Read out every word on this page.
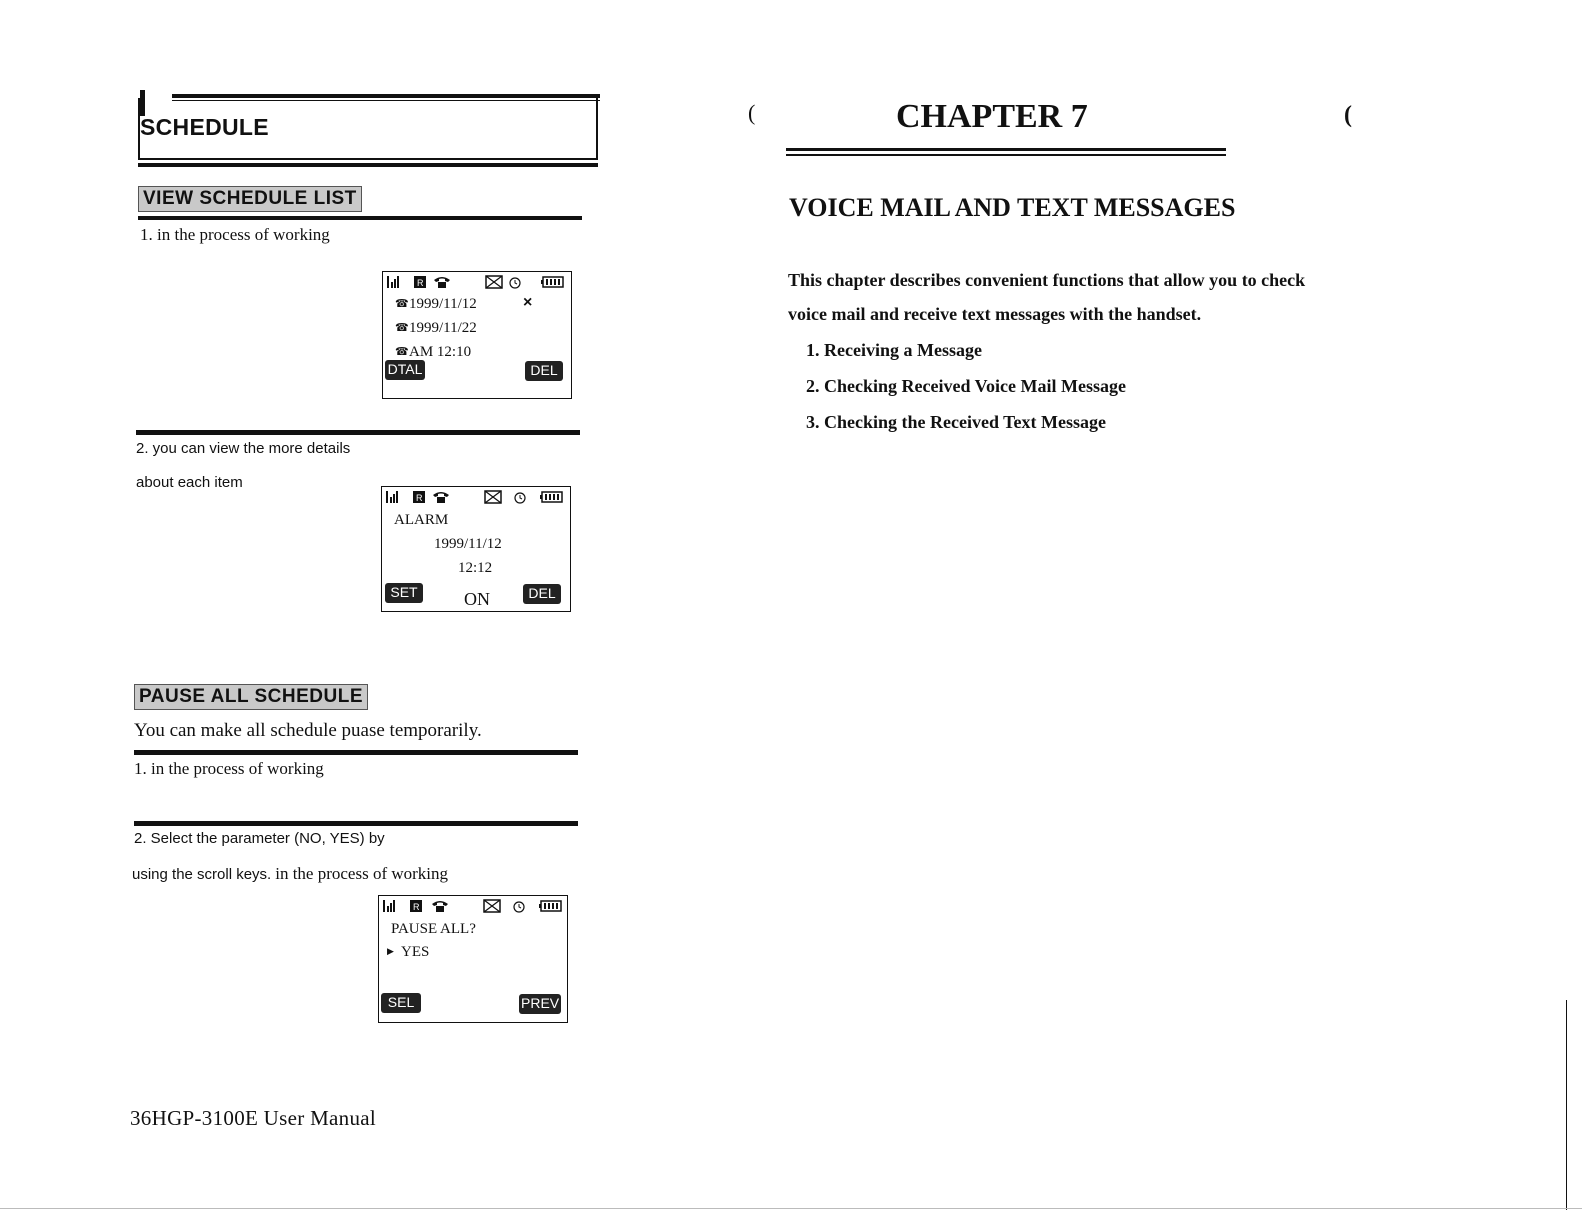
SCHEDULE
VIEW SCHEDULE LIST
1. in the process of working
R
☎ 1999/11/12	×
☎ 1999/11/22
☎ AM 12:10
DTAL	DEL
2. you can view the more details
about each item
R
ALARM
1999/11/12
12:12
ON
SET	DEL
PAUSE ALL SCHEDULE
You can make all schedule puase temporarily.
1. in the process of working
2. Select the parameter (NO, YES) by
using the scroll keys. in the process of working
R
PAUSE ALL?
▶ YES
SEL	PREV
36HGP-3100E User Manual
(	(
CHAPTER 7
VOICE MAIL AND TEXT MESSAGES
This chapter describes convenient functions that allow you to check
voice mail and receive text messages with the handset.
1. Receiving a Message
2. Checking Received Voice Mail Message
3. Checking the Received Text Message
